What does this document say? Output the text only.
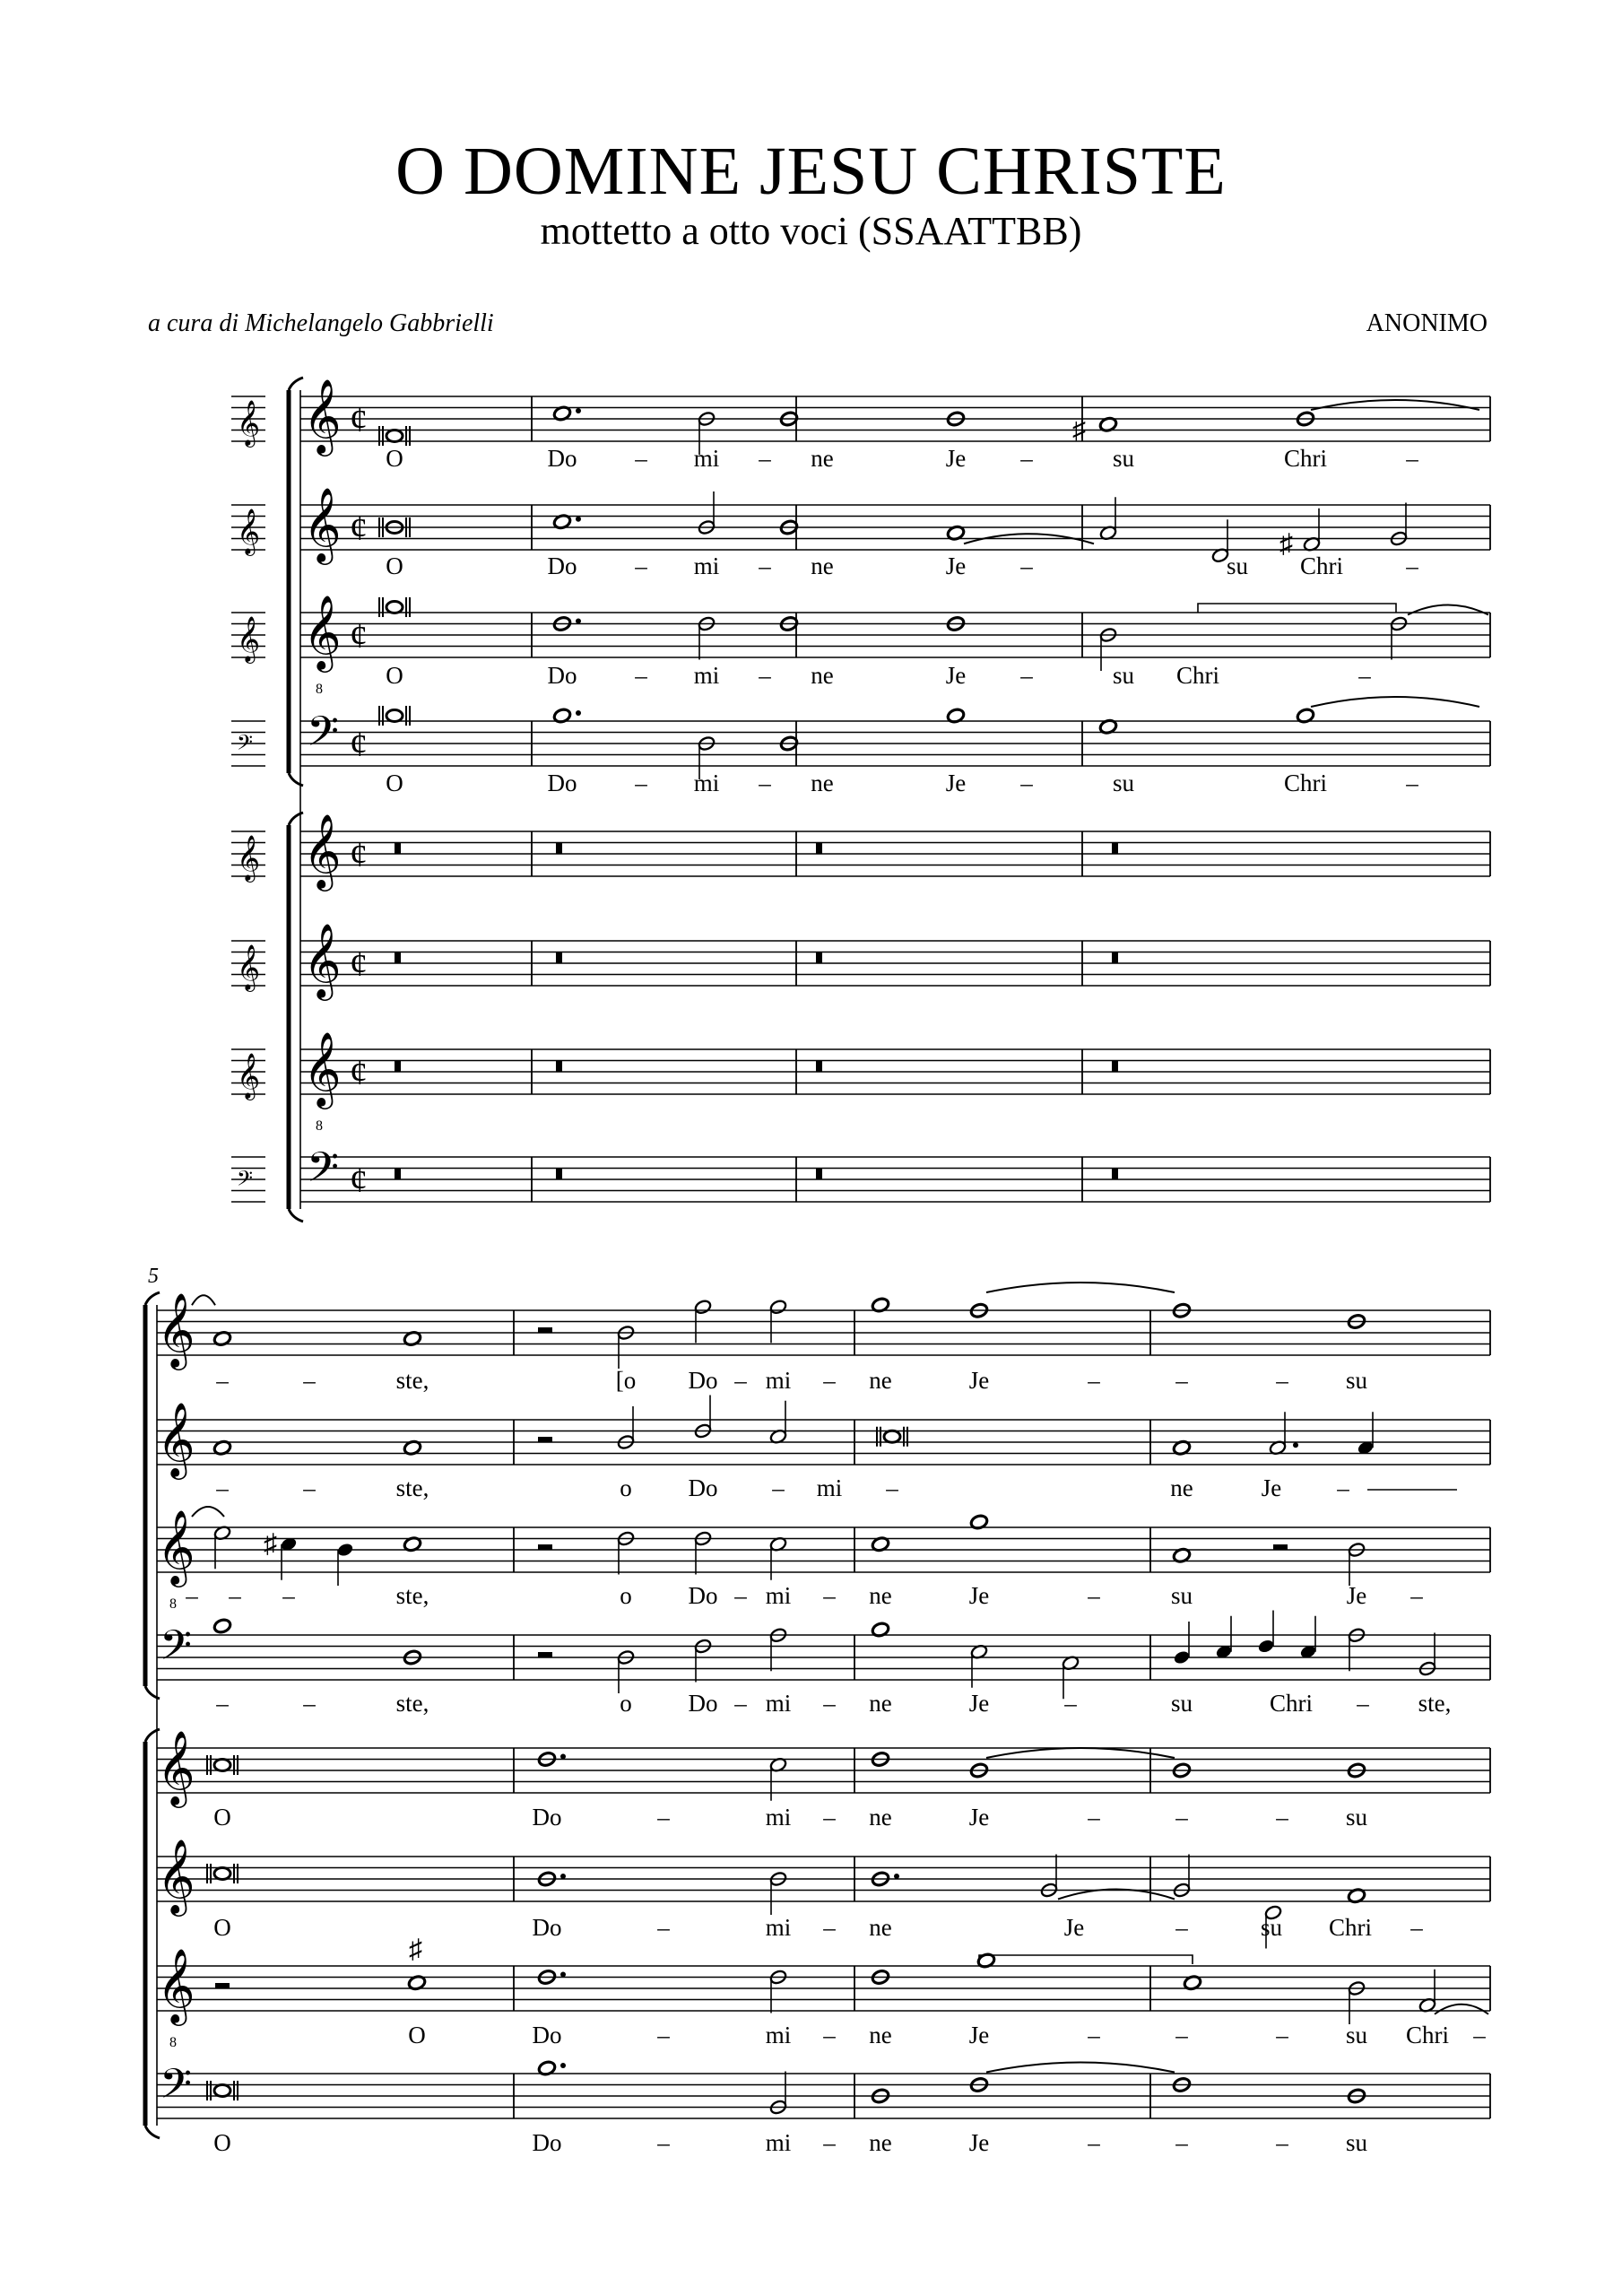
O DOMINE JESU CHRISTE
mottetto a otto voci (SSAATTBB)
a cura di Michelangelo Gabbrielli	ANONIMO
𝄞 𝄞 ¢
𝄞 𝄞 ¢
𝄞 𝄞
8
¢
𝄢 𝄢 ¢
𝄞 𝄞 ¢
𝄞 𝄞 ¢
𝄞 𝄞
8
¢
𝄢 𝄢 ¢
♯
O	Do – mi – ne	Je –	su	Chri	–
♯
O	Do – mi – ne	Je –	su Chri	–
O	Do – mi – ne	Je –	su Chri	–
O	Do – mi – ne	Je –	su	Chri	–
5
𝄞
𝄞
𝄞
8
𝄢
𝄞
𝄞
𝄞
8
𝄢
–	–	ste,	[o Do – mi – ne	Je	–	–	– su
–	–	ste,	o Do – mi –	ne	Je –
♯
– – –	ste,	o Do – mi – ne	Je	–	su	Je –
–	–	ste,	o Do – mi – ne	Je	–	su	Chri – ste,
O	Do	–	mi – ne	Je	–	–	– su
O	Do	–	mi – ne	Je	–	su Chri –
♯
O	Do	–	mi – ne	Je	–	–	– su Chri –
O	Do	–	mi – ne	Je	–	–	– su
